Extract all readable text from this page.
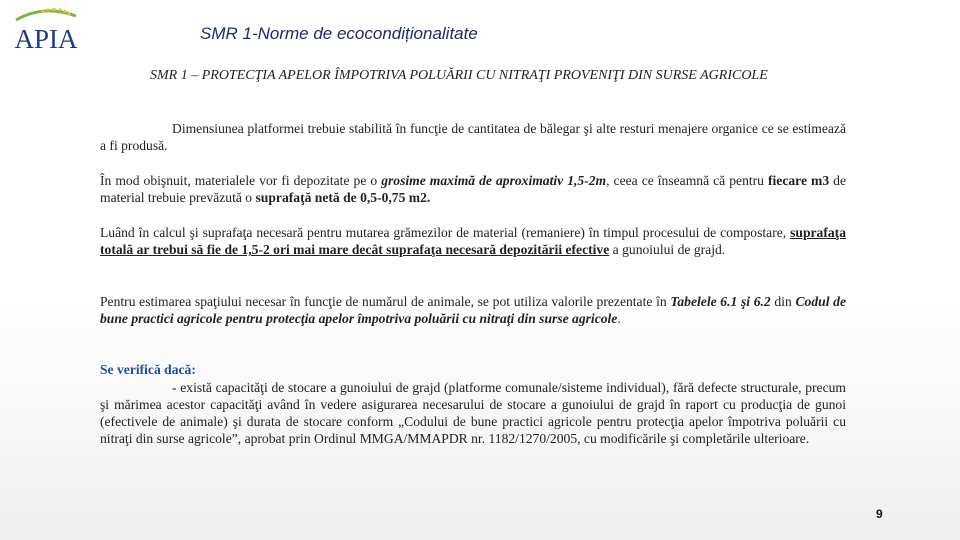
APIA	SMR 1-Norme de ecocondiționalitate
SMR 1 – PROTECŢIA APELOR ÎMPOTRIVA POLUĂRII CU NITRAŢI PROVENIŢI DIN SURSE AGRICOLE

Dimensiunea platformei trebuie stabilită în funcţie de cantitatea de bălegar şi alte resturi menajere organice ce se estimează a fi produsă.

În mod obişnuit, materialele vor fi depozitate pe o grosime maximă de aproximativ 1,5-2m, ceea ce înseamnă că pentru fiecare m3 de material trebuie prevăzută o suprafaţă netă de 0,5-0,75 m2.

Luând în calcul şi suprafaţa necesară pentru mutarea grămezilor de material (remaniere) în timpul procesului de compostare, suprafaţa totală ar trebui să fie de 1,5-2 ori mai mare decât suprafaţa necesară depozitării efective a gunoiului de grajd.

Pentru estimarea spaţiului necesar în funcţie de numărul de animale, se pot utiliza valorile prezentate în Tabelele 6.1 şi 6.2 din Codul de bune practici agricole pentru protecţia apelor împotriva poluării cu nitraţi din surse agricole.

Se verifică dacă:

- există capacităţi de stocare a gunoiului de grajd (platforme comunale/sisteme individual), fără defecte structurale, precum şi mărimea acestor capacităţi având în vedere asigurarea necesarului de stocare a gunoiului de grajd în raport cu producţia de gunoi (efectivele de animale) şi durata de stocare conform „Codului de bune practici agricole pentru protecţia apelor împotriva poluării cu nitraţi din surse agricole”, aprobat prin Ordinul MMGA/MMAPDR nr. 1182/1270/2005, cu modificările şi completările ulterioare.

9
